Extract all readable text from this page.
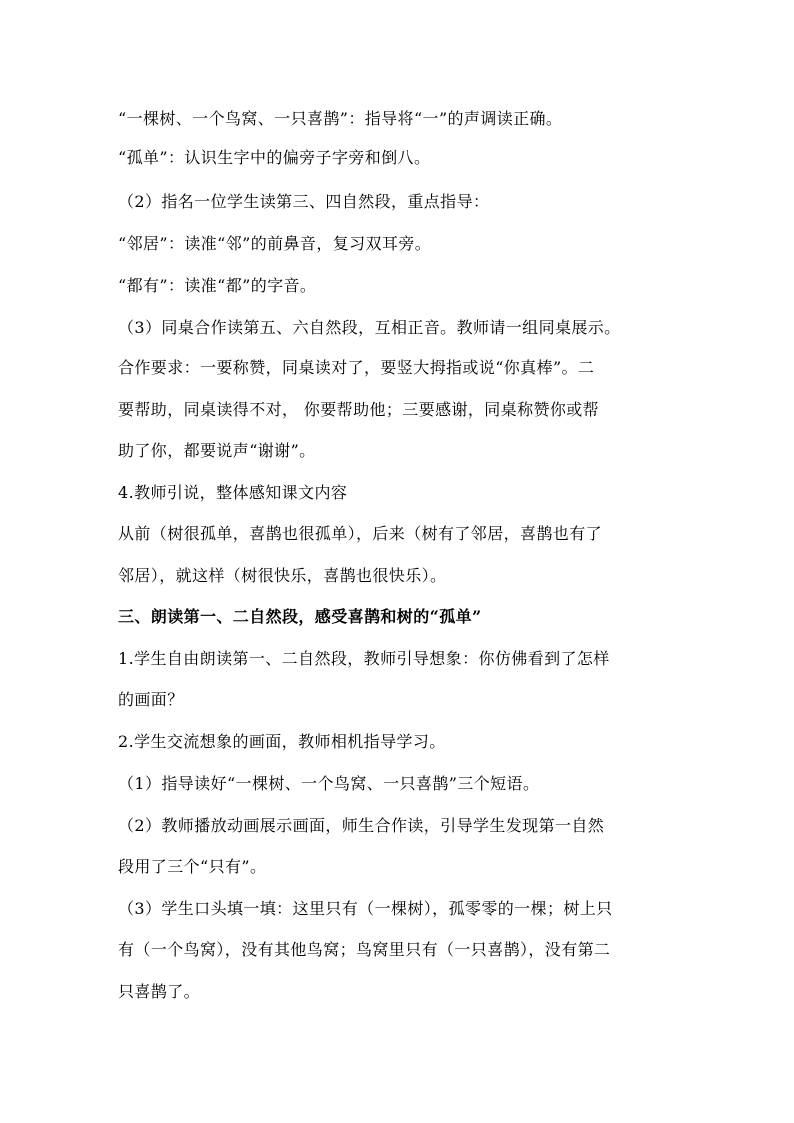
“一棵树、一个鸟窝、一只喜鹊”：指导将“一”的声调读正确。
“孤单”：认识生字中的偏旁子字旁和倒八。
（2）指名一位学生读第三、四自然段，重点指导：
“邻居”：读准“邻”的前鼻音，复习双耳旁。
“都有”：读准“都”的字音。
（3）同桌合作读第五、六自然段，互相正音。教师请一组同桌展示。
合作要求：一要称赞，同桌读对了，要竖大拇指或说“你真棒”。二
要帮助，同桌读得不对， 你要帮助他；三要感谢，同桌称赞你或帮
助了你，都要说声“谢谢”。
4.教师引说，整体感知课文内容
从前（树很孤单，喜鹊也很孤单），后来（树有了邻居，喜鹊也有了
邻居），就这样（树很快乐，喜鹊也很快乐）。
三、朗读第一、二自然段，感受喜鹊和树的“孤单”
1.学生自由朗读第一、二自然段，教师引导想象：你仿佛看到了怎样
的画面？
2.学生交流想象的画面，教师相机指导学习。
（1）指导读好“一棵树、一个鸟窝、一只喜鹊”三个短语。
（2）教师播放动画展示画面，师生合作读，引导学生发现第一自然
段用了三个“只有”。
（3）学生口头填一填：这里只有（一棵树），孤零零的一棵；树上只
有（一个鸟窝），没有其他鸟窝；鸟窝里只有（一只喜鹊），没有第二
只喜鹊了。
